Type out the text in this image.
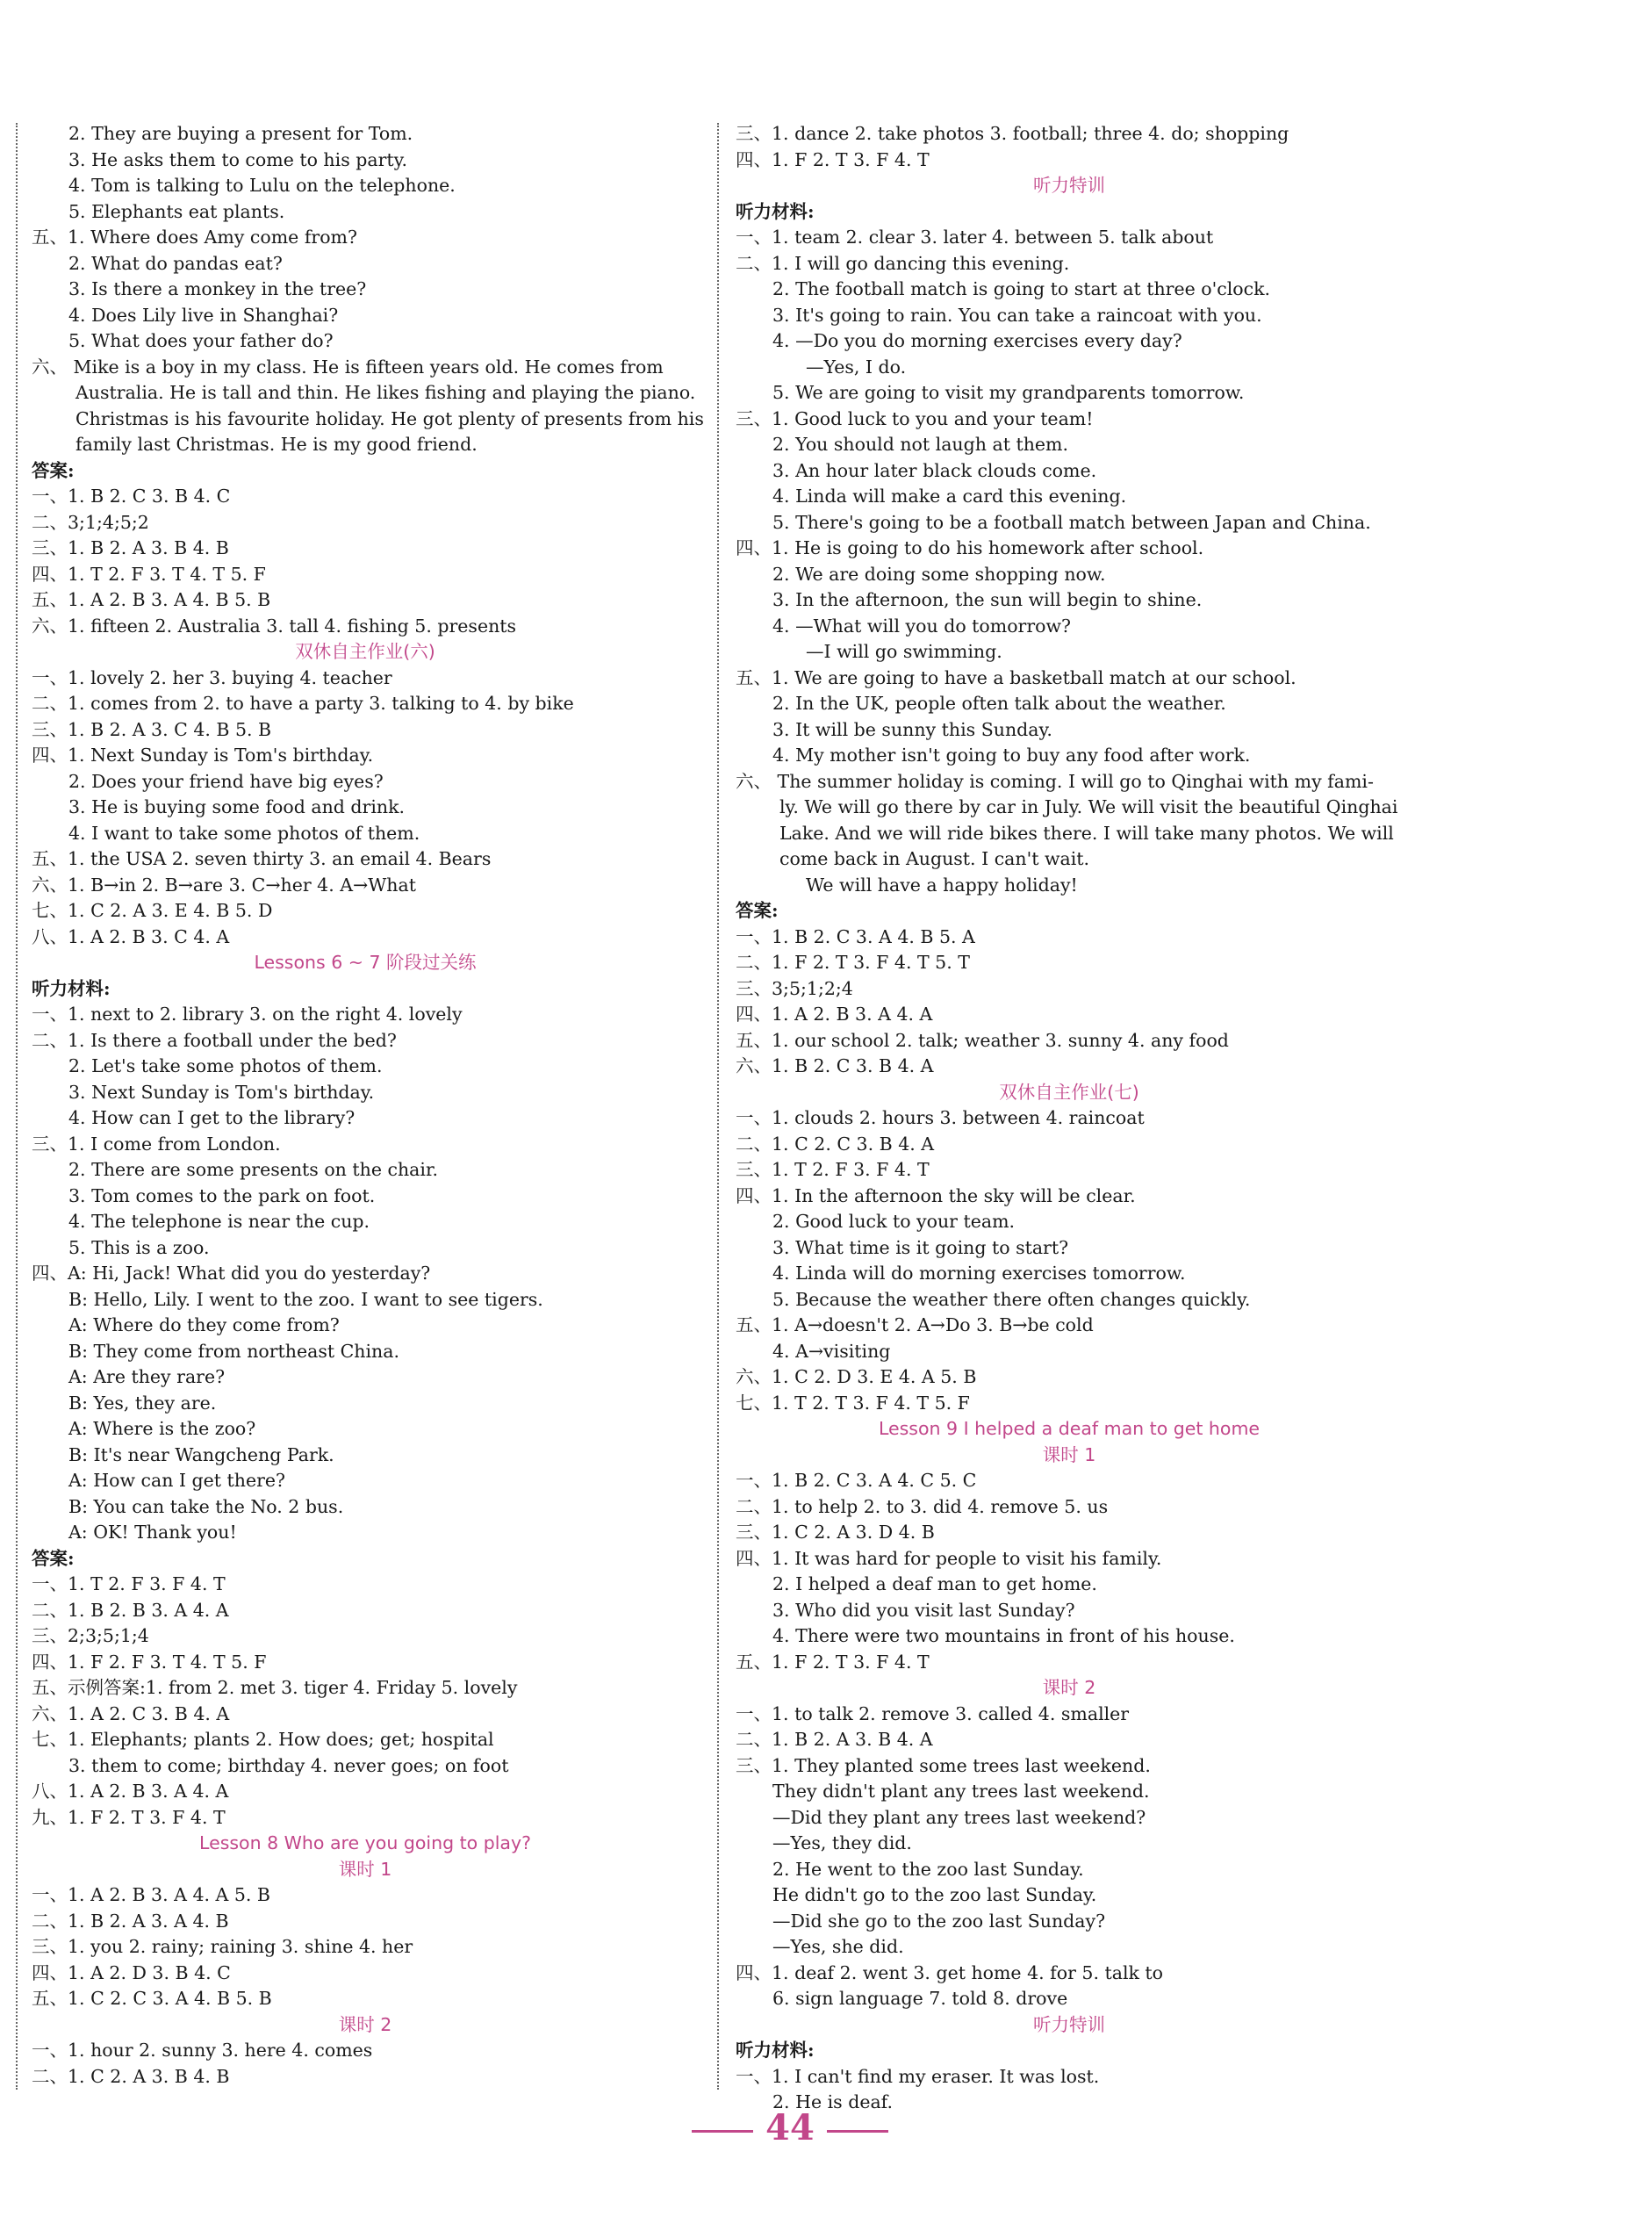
2. They are buying a present for Tom.
3. He asks them to come to his party.
4. Tom is talking to Lulu on the telephone.
5. Elephants eat plants.
五、1. Where does Amy come from?
2. What do pandas eat?
3. Is there a monkey in the tree?
4. Does Lily live in Shanghai?
5. What does your father do?
六、 Mike is a boy in my class. He is fifteen years old. He comes from
Australia. He is tall and thin. He likes fishing and playing the piano.
Christmas is his favourite holiday. He got plenty of presents from his
family last Christmas. He is my good friend.
答案:
一、1. B 2. C 3. B 4. C
二、3;1;4;5;2
三、1. B 2. A 3. B 4. B
四、1. T 2. F 3. T 4. T 5. F
五、1. A 2. B 3. A 4. B 5. B
六、1. fifteen 2. Australia 3. tall 4. fishing 5. presents
双休自主作业(六)
一、1. lovely 2. her 3. buying 4. teacher
二、1. comes from 2. to have a party 3. talking to 4. by bike
三、1. B 2. A 3. C 4. B 5. B
四、1. Next Sunday is Tom's birthday.
2. Does your friend have big eyes?
3. He is buying some food and drink.
4. I want to take some photos of them.
五、1. the USA 2. seven thirty 3. an email 4. Bears
六、1. B→in 2. B→are 3. C→her 4. A→What
七、1. C 2. A 3. E 4. B 5. D
八、1. A 2. B 3. C 4. A
Lessons 6 ~ 7 阶段过关练
听力材料:
一、1. next to 2. library 3. on the right 4. lovely
二、1. Is there a football under the bed?
2. Let's take some photos of them.
3. Next Sunday is Tom's birthday.
4. How can I get to the library?
三、1. I come from London.
2. There are some presents on the chair.
3. Tom comes to the park on foot.
4. The telephone is near the cup.
5. This is a zoo.
四、A: Hi, Jack! What did you do yesterday?
B: Hello, Lily. I went to the zoo. I want to see tigers.
A: Where do they come from?
B: They come from northeast China.
A: Are they rare?
B: Yes, they are.
A: Where is the zoo?
B: It's near Wangcheng Park.
A: How can I get there?
B: You can take the No. 2 bus.
A: OK! Thank you!
答案:
一、1. T 2. F 3. F 4. T
二、1. B 2. B 3. A 4. A
三、2;3;5;1;4
四、1. F 2. F 3. T 4. T 5. F
五、示例答案:1. from 2. met 3. tiger 4. Friday 5. lovely
六、1. A 2. C 3. B 4. A
七、1. Elephants; plants 2. How does; get; hospital
3. them to come; birthday 4. never goes; on foot
八、1. A 2. B 3. A 4. A
九、1. F 2. T 3. F 4. T
Lesson 8 Who are you going to play?
课时 1
一、1. A 2. B 3. A 4. A 5. B
二、1. B 2. A 3. A 4. B
三、1. you 2. rainy; raining 3. shine 4. her
四、1. A 2. D 3. B 4. C
五、1. C 2. C 3. A 4. B 5. B
课时 2
一、1. hour 2. sunny 3. here 4. comes
二、1. C 2. A 3. B 4. B
三、1. dance 2. take photos 3. football; three 4. do; shopping
四、1. F 2. T 3. F 4. T
听力特训
听力材料:
一、1. team 2. clear 3. later 4. between 5. talk about
二、1. I will go dancing this evening.
2. The football match is going to start at three o'clock.
3. It's going to rain. You can take a raincoat with you.
4. —Do you do morning exercises every day?
—Yes, I do.
5. We are going to visit my grandparents tomorrow.
三、1. Good luck to you and your team!
2. You should not laugh at them.
3. An hour later black clouds come.
4. Linda will make a card this evening.
5. There's going to be a football match between Japan and China.
四、1. He is going to do his homework after school.
2. We are doing some shopping now.
3. In the afternoon, the sun will begin to shine.
4. —What will you do tomorrow?
—I will go swimming.
五、1. We are going to have a basketball match at our school.
2. In the UK, people often talk about the weather.
3. It will be sunny this Sunday.
4. My mother isn't going to buy any food after work.
六、 The summer holiday is coming. I will go to Qinghai with my fami-
ly. We will go there by car in July. We will visit the beautiful Qinghai
Lake. And we will ride bikes there. I will take many photos. We will
come back in August. I can't wait.
We will have a happy holiday!
答案:
一、1. B 2. C 3. A 4. B 5. A
二、1. F 2. T 3. F 4. T 5. T
三、3;5;1;2;4
四、1. A 2. B 3. A 4. A
五、1. our school 2. talk; weather 3. sunny 4. any food
六、1. B 2. C 3. B 4. A
双休自主作业(七)
一、1. clouds 2. hours 3. between 4. raincoat
二、1. C 2. C 3. B 4. A
三、1. T 2. F 3. F 4. T
四、1. In the afternoon the sky will be clear.
2. Good luck to your team.
3. What time is it going to start?
4. Linda will do morning exercises tomorrow.
5. Because the weather there often changes quickly.
五、1. A→doesn't 2. A→Do 3. B→be cold
4. A→visiting
六、1. C 2. D 3. E 4. A 5. B
七、1. T 2. T 3. F 4. T 5. F
Lesson 9 I helped a deaf man to get home
课时 1
一、1. B 2. C 3. A 4. C 5. C
二、1. to help 2. to 3. did 4. remove 5. us
三、1. C 2. A 3. D 4. B
四、1. It was hard for people to visit his family.
2. I helped a deaf man to get home.
3. Who did you visit last Sunday?
4. There were two mountains in front of his house.
五、1. F 2. T 3. F 4. T
课时 2
一、1. to talk 2. remove 3. called 4. smaller
二、1. B 2. A 3. B 4. A
三、1. They planted some trees last weekend.
They didn't plant any trees last weekend.
—Did they plant any trees last weekend?
—Yes, they did.
2. He went to the zoo last Sunday.
He didn't go to the zoo last Sunday.
—Did she go to the zoo last Sunday?
—Yes, she did.
四、1. deaf 2. went 3. get home 4. for 5. talk to
6. sign language 7. told 8. drove
听力特训
听力材料:
一、1. I can't find my eraser. It was lost.
2. He is deaf.
44
